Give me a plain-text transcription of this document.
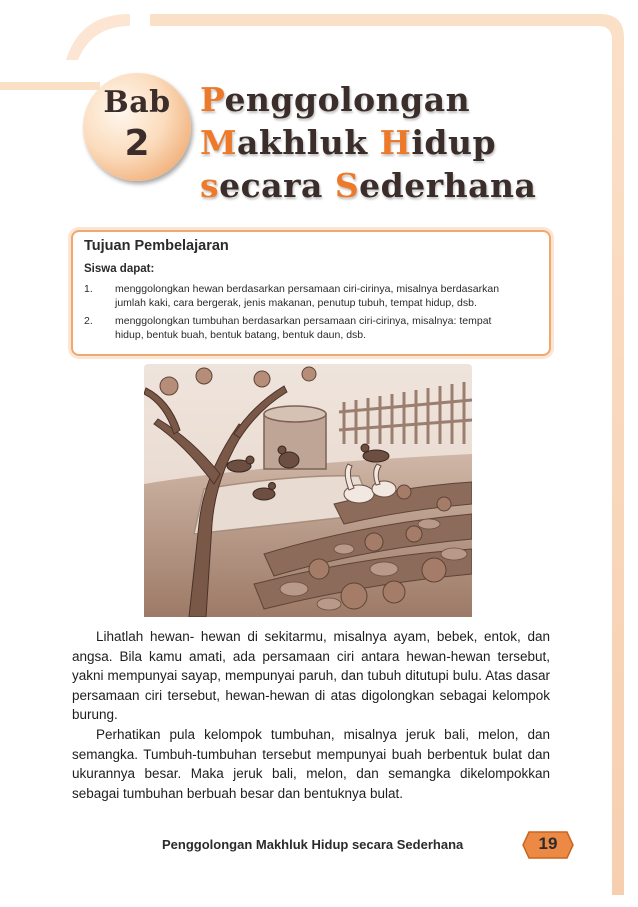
Bab
2
Penggolongan
Makhluk Hidup
secara Sederhana
Tujuan Pembelajaran
Siswa dapat:
1. menggolongkan hewan berdasarkan persamaan ciri-cirinya, misalnya berdasarkan
jumlah kaki, cara bergerak, jenis makanan, penutup tubuh, tempat hidup, dsb.
2. menggolongkan tumbuhan berdasarkan persamaan ciri-cirinya, misalnya: tempat
hidup, bentuk buah, bentuk batang, bentuk daun, dsb.

Lihatlah hewan- hewan di sekitarmu, misalnya ayam, bebek, entok, dan angsa. Bila kamu amati, ada persamaan ciri antara hewan-hewan tersebut, yakni mempunyai sayap, mempunyai paruh, dan tubuh ditutupi bulu. Atas dasar persamaan ciri tersebut, hewan-hewan di atas digolongkan sebagai kelompok burung.

Perhatikan pula kelompok tumbuhan, misalnya jeruk bali, melon, dan semangka. Tumbuh-tumbuhan tersebut mempunyai buah berbentuk bulat dan ukurannya besar. Maka jeruk bali, melon, dan semangka dikelompokkan sebagai tumbuhan berbuah besar dan bentuknya bulat.

Penggolongan Makhluk Hidup secara Sederhana	19
